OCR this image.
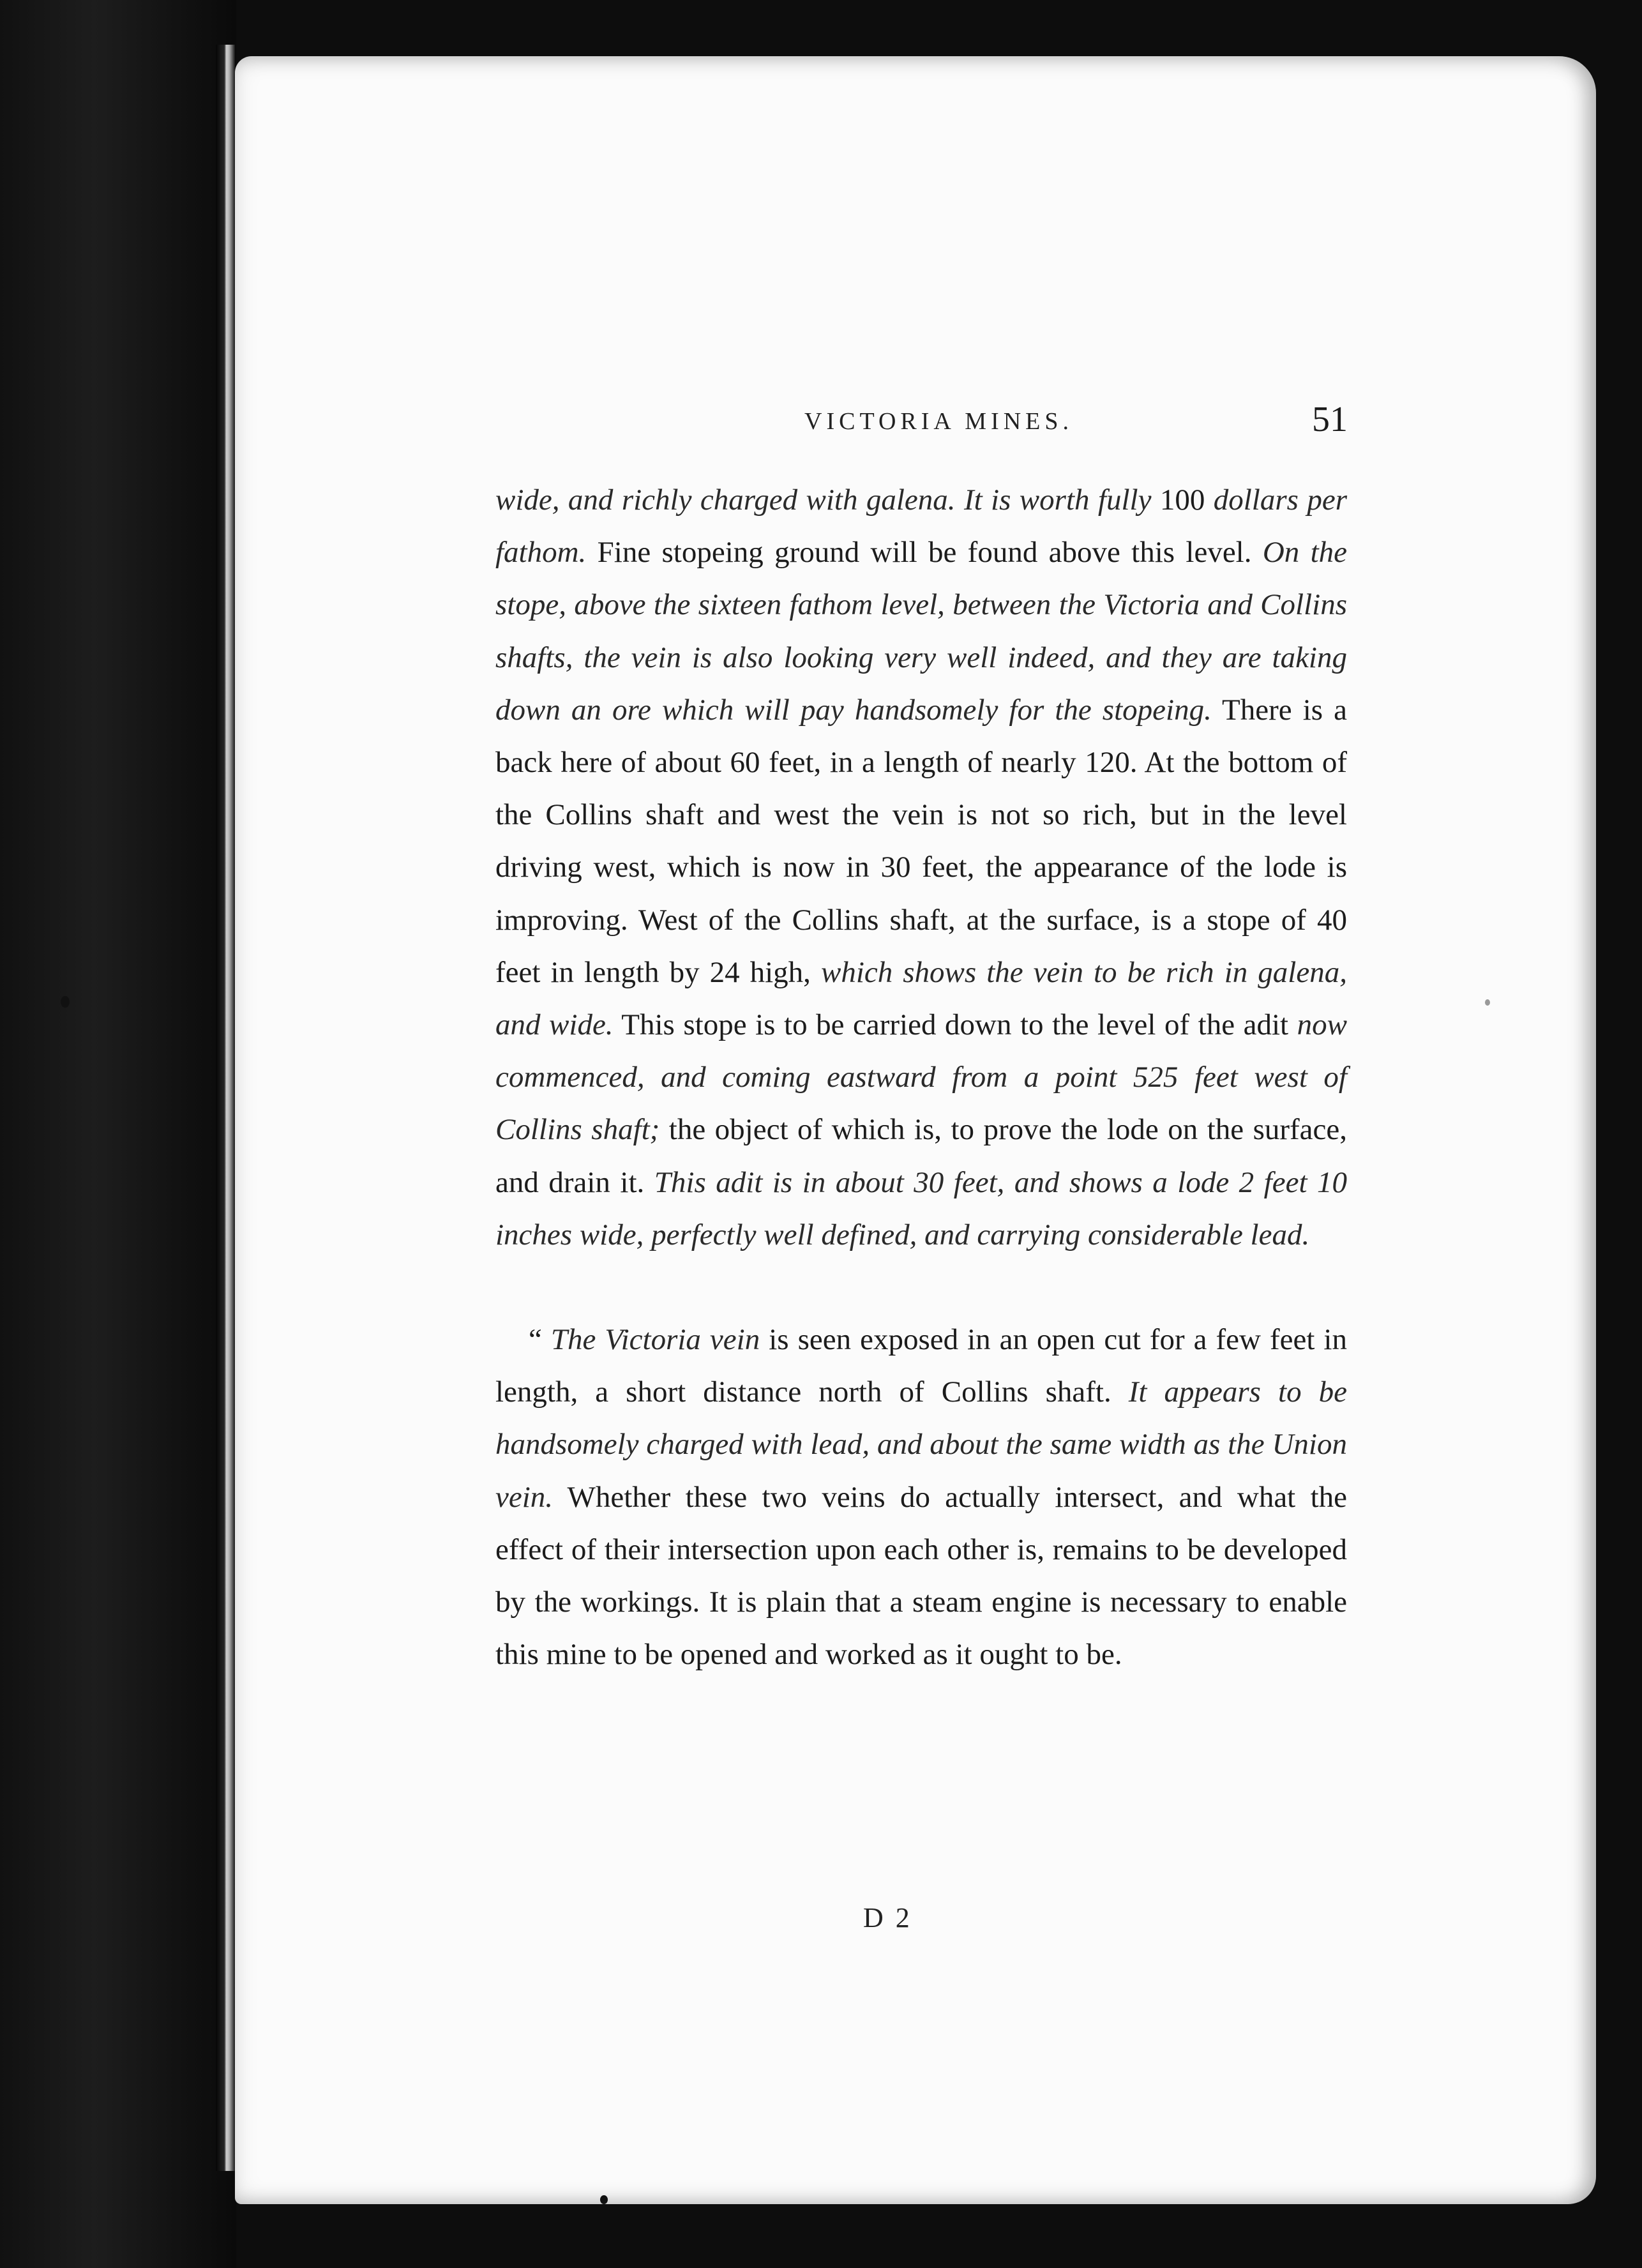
VICTORIA MINES.	51

wide, and richly charged with galena. It is worth fully 100 dollars per fathom. Fine stopeing ground will be found above this level. On the stope, above the sixteen fathom level, between the Victoria and Collins shafts, the vein is also looking very well indeed, and they are taking down an ore which will pay handsomely for the stopeing. There is a back here of about 60 feet, in a length of nearly 120. At the bottom of the Collins shaft and west the vein is not so rich, but in the level driving west, which is now in 30 feet, the appearance of the lode is improving. West of the Collins shaft, at the surface, is a stope of 40 feet in length by 24 high, which shows the vein to be rich in galena, and wide. This stope is to be carried down to the level of the adit now commenced, and coming eastward from a point 525 feet west of Collins shaft; the object of which is, to prove the lode on the surface, and drain it. This adit is in about 30 feet, and shows a lode 2 feet 10 inches wide, perfectly well defined, and carrying considerable lead.

“ The Victoria vein is seen exposed in an open cut for a few feet in length, a short distance north of Collins shaft. It appears to be handsomely charged with lead, and about the same width as the Union vein. Whether these two veins do actually intersect, and what the effect of their intersection upon each other is, remains to be developed by the workings. It is plain that a steam engine is necessary to enable this mine to be opened and worked as it ought to be.

D 2
